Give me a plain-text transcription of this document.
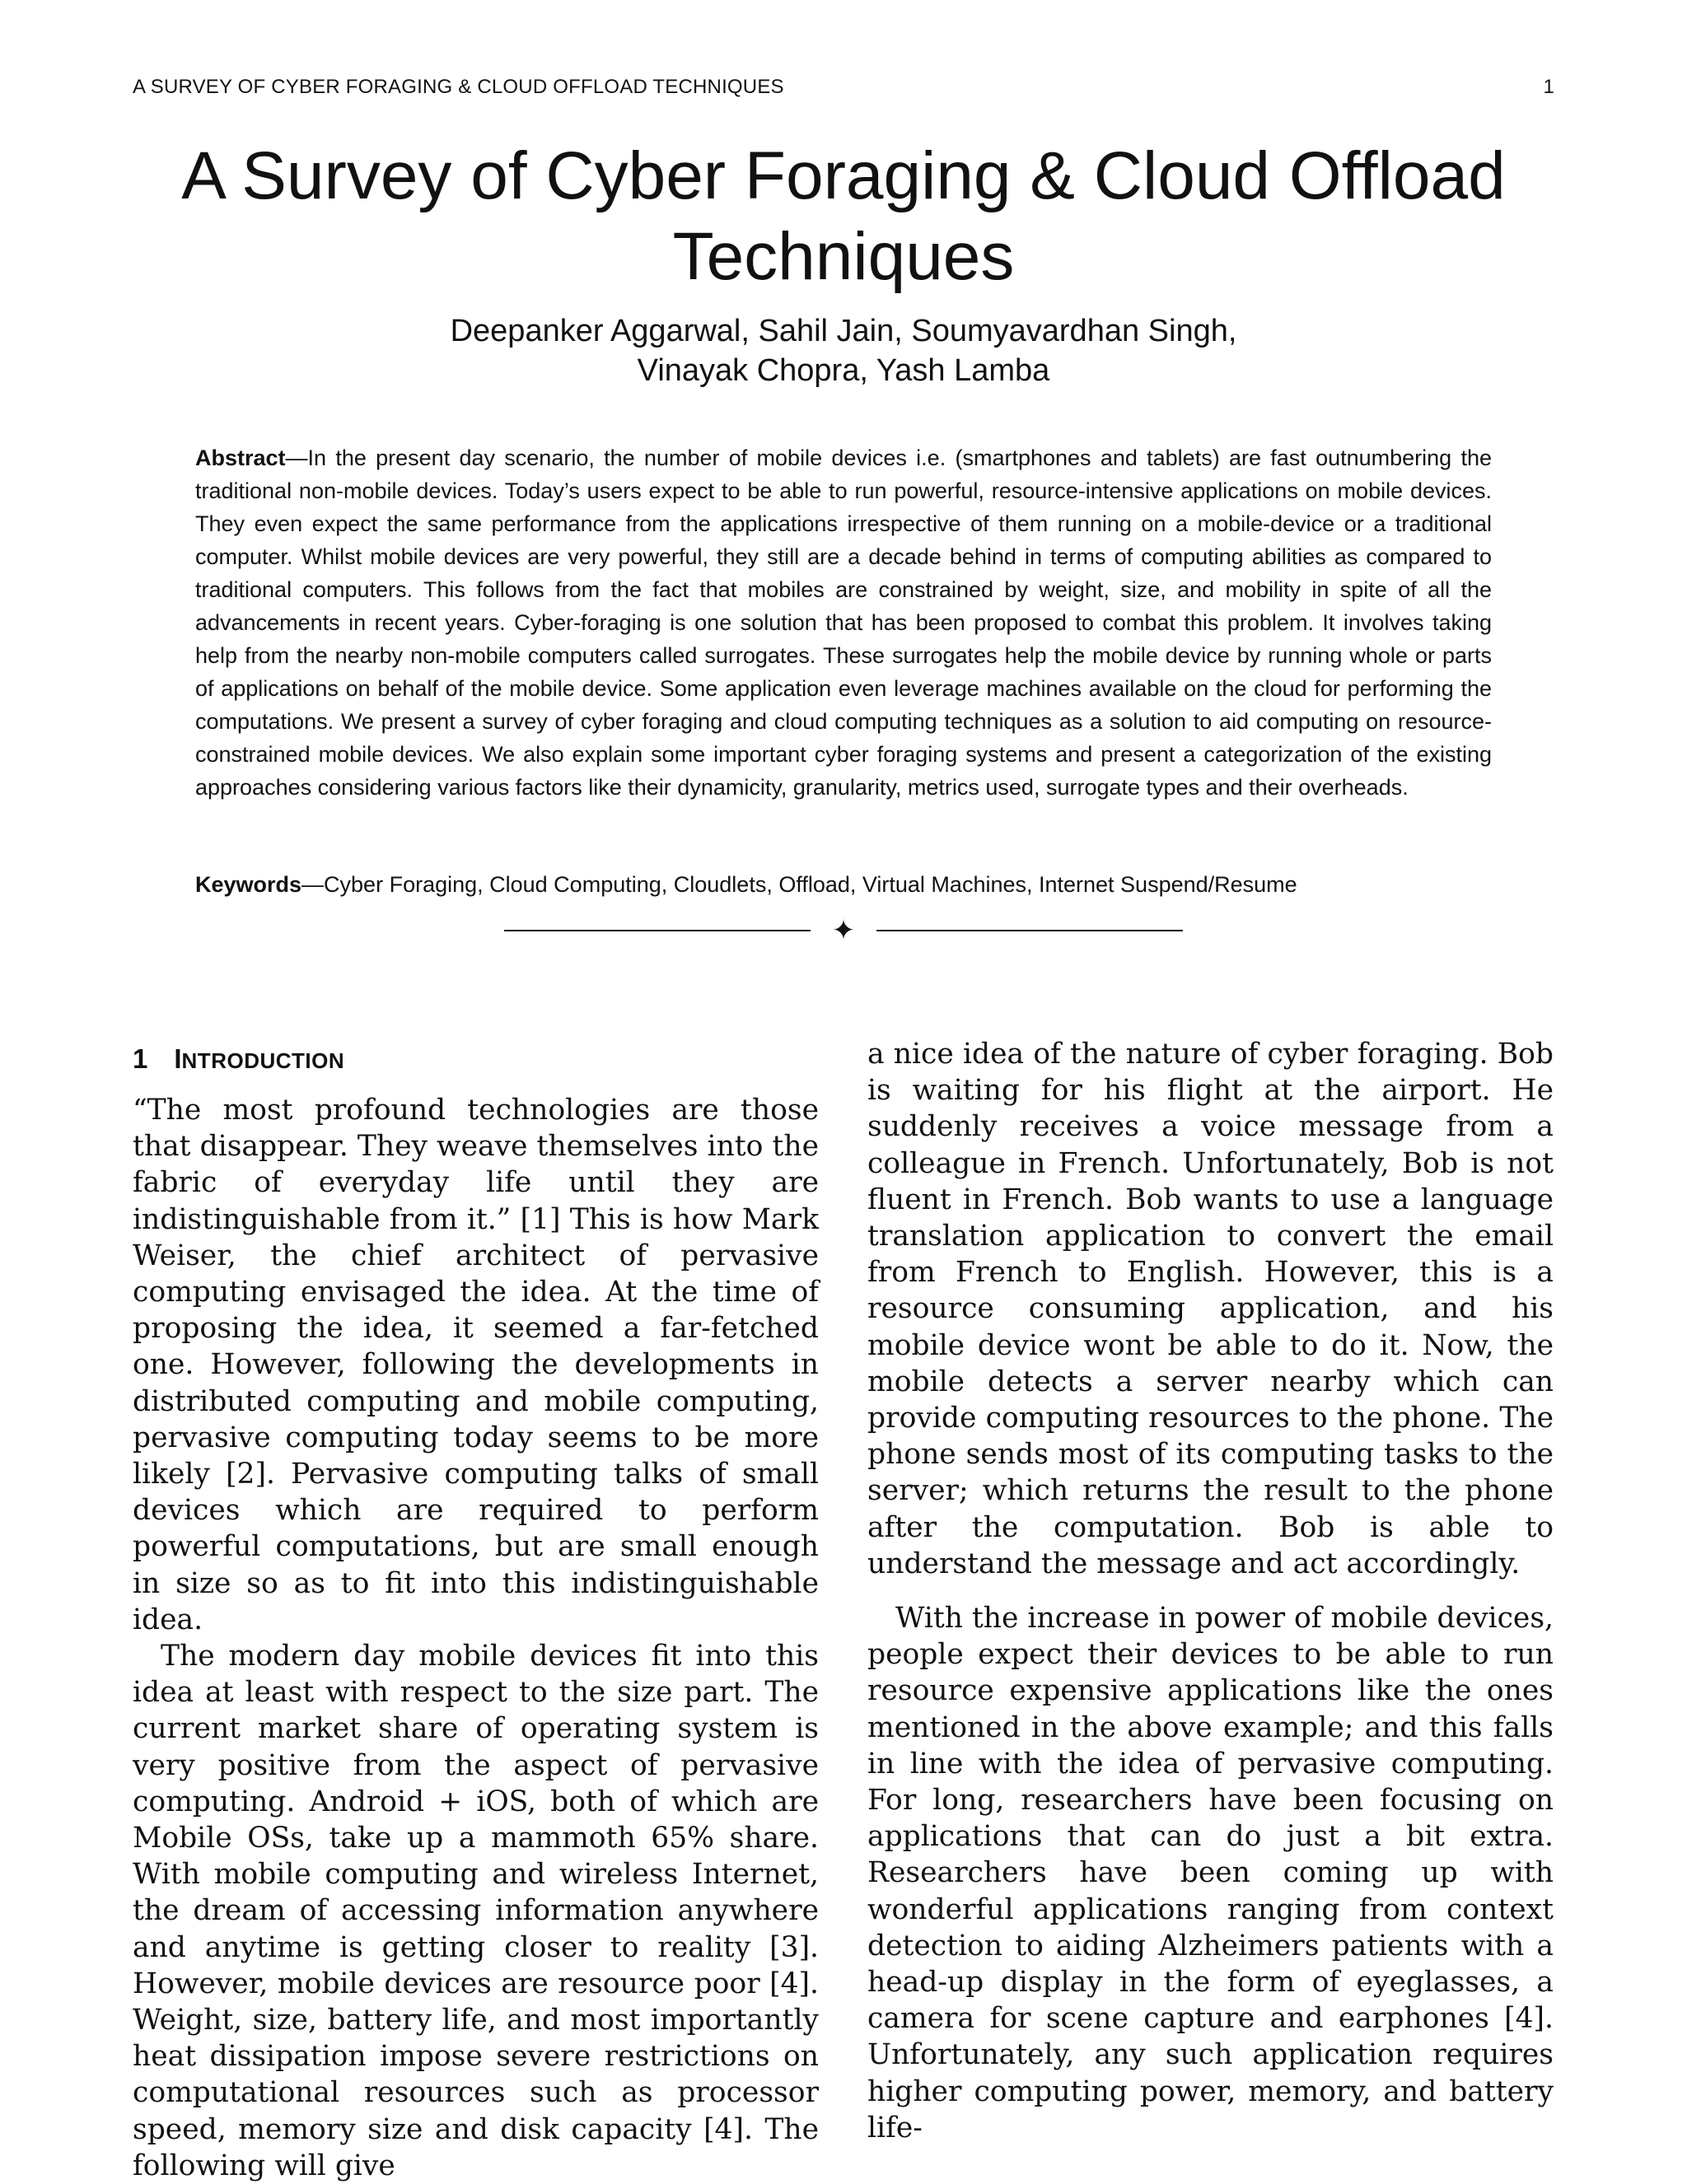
A SURVEY OF CYBER FORAGING & CLOUD OFFLOAD TECHNIQUES	1
A Survey of Cyber Foraging & Cloud Offload
Techniques
Deepanker Aggarwal, Sahil Jain, Soumyavardhan Singh,
Vinayak Chopra, Yash Lamba

Abstract—In the present day scenario, the number of mobile devices i.e. (smartphones and tablets) are fast outnumbering the traditional non-mobile devices. Today’s users expect to be able to run powerful, resource-intensive applications on mobile devices. They even expect the same performance from the applications irrespective of them running on a mobile-device or a traditional computer. Whilst mobile devices are very powerful, they still are a decade behind in terms of computing abilities as compared to traditional computers. This follows from the fact that mobiles are constrained by weight, size, and mobility in spite of all the advancements in recent years. Cyber-foraging is one solution that has been proposed to combat this problem. It involves taking help from the nearby non-mobile computers called surrogates. These surrogates help the mobile device by running whole or parts of applications on behalf of the mobile device. Some application even leverage machines available on the cloud for performing the computations. We present a survey of cyber foraging and cloud computing techniques as a solution to aid computing on resource-constrained mobile devices. We also explain some important cyber foraging systems and present a categorization of the existing approaches considering various factors like their dynamicity, granularity, metrics used, surrogate types and their overheads.

Keywords—Cyber Foraging, Cloud Computing, Cloudlets, Offload, Virtual Machines, Internet Suspend/Resume

✦
1 INTRODUCTION

“The most profound technologies are those that disappear. They weave themselves into the fabric of everyday life until they are indistinguishable from it.” [1] This is how Mark Weiser, the chief architect of pervasive computing envisaged the idea. At the time of proposing the idea, it seemed a far-fetched one. However, following the developments in distributed computing and mobile computing, pervasive computing today seems to be more likely [2]. Pervasive computing talks of small devices which are required to perform powerful computations, but are small enough in size so as to fit into this indistinguishable idea.

The modern day mobile devices fit into this idea at least with respect to the size part. The current market share of operating system is very positive from the aspect of pervasive computing. Android + iOS, both of which are Mobile OSs, take up a mammoth 65% share. With mobile computing and wireless Internet, the dream of accessing information anywhere and anytime is getting closer to reality [3]. However, mobile devices are resource poor [4]. Weight, size, battery life, and most importantly heat dissipation impose severe restrictions on computational resources such as processor speed, memory size and disk capacity [4]. The following will give

a nice idea of the nature of cyber foraging. Bob is waiting for his flight at the airport. He suddenly receives a voice message from a colleague in French. Unfortunately, Bob is not fluent in French. Bob wants to use a language translation application to convert the email from French to English. However, this is a resource consuming application, and his mobile device wont be able to do it. Now, the mobile detects a server nearby which can provide computing resources to the phone. The phone sends most of its computing tasks to the server; which returns the result to the phone after the computation. Bob is able to understand the message and act accordingly.

With the increase in power of mobile devices, people expect their devices to be able to run resource expensive applications like the ones mentioned in the above example; and this falls in line with the idea of pervasive computing. For long, researchers have been focusing on applications that can do just a bit extra. Researchers have been coming up with wonderful applications ranging from context detection to aiding Alzheimers patients with a head-up display in the form of eyeglasses, a camera for scene capture and earphones [4]. Unfortunately, any such application requires higher computing power, memory, and battery life-
